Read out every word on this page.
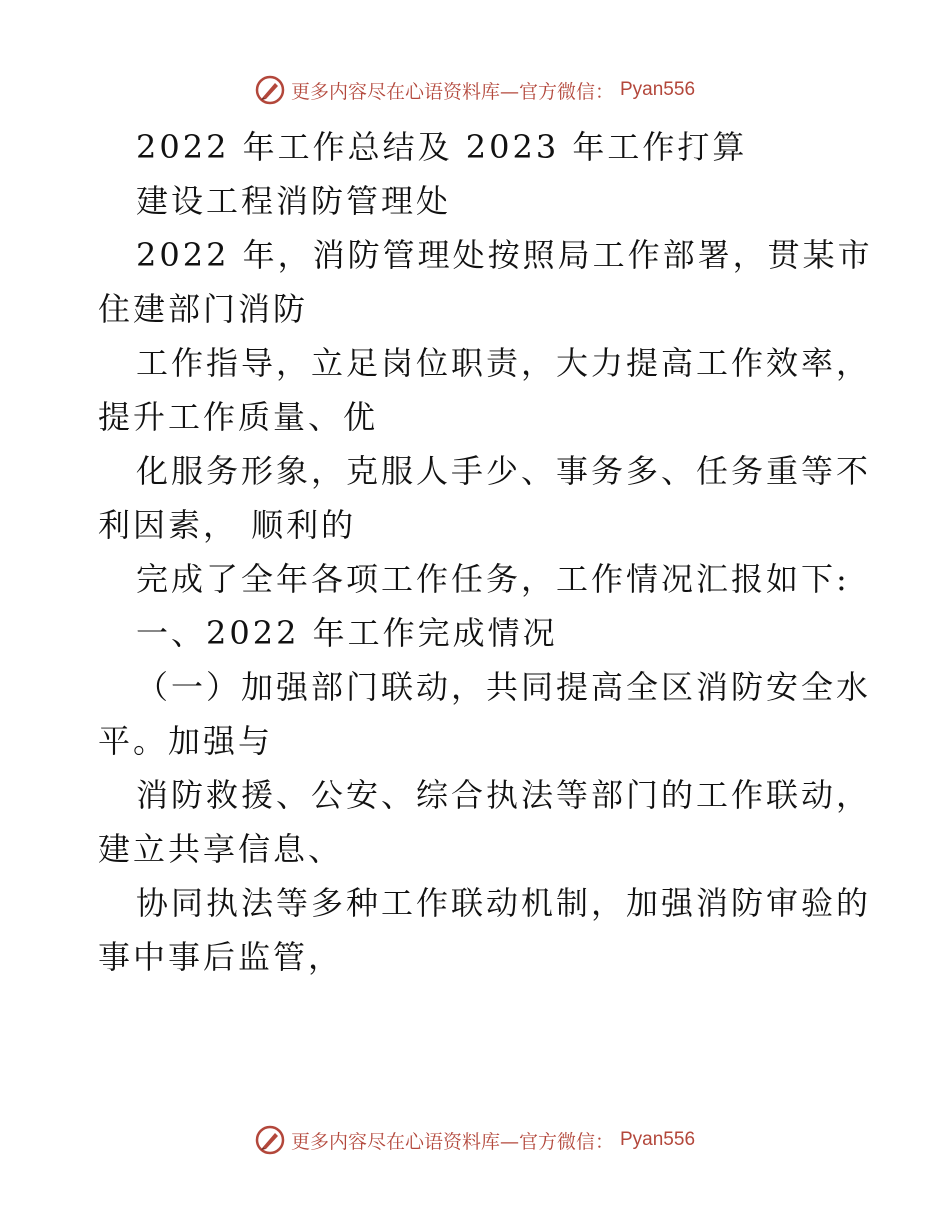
更多内容尽在心语资料库—官方微信： Pyan556
2022 年工作总结及 2023 年工作打算
建设工程消防管理处
2022 年，消防管理处按照局工作部署，贯某市
住建部门消防
工作指导，立足岗位职责，大力提高工作效率，
提升工作质量、优
化服务形象，克服人手少、事务多、任务重等不
利因素， 顺利的
完成了全年各项工作任务，工作情况汇报如下:
一、2022 年工作完成情况
（一）加强部门联动，共同提高全区消防安全水
平。加强与
消防救援、公安、综合执法等部门的工作联动，
建立共享信息、
协同执法等多种工作联动机制，加强消防审验的
事中事后监管，
更多内容尽在心语资料库—官方微信： Pyan556
